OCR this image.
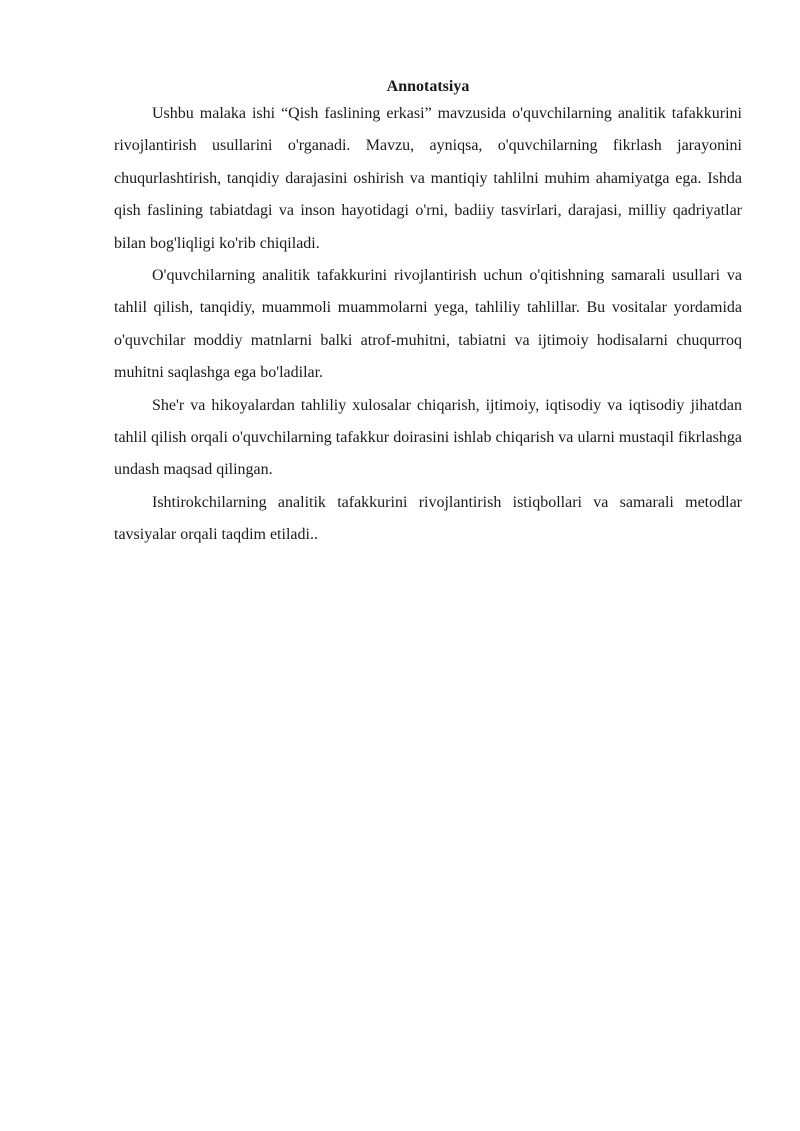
Annotatsiya

Ushbu malaka ishi “Qish faslining erkasi” mavzusida o'quvchilarning analitik tafakkurini rivojlantirish usullarini o'rganadi. Mavzu, ayniqsa, o'quvchilarning fikrlash jarayonini chuqurlashtirish, tanqidiy darajasini oshirish va mantiqiy tahlilni muhim ahamiyatga ega. Ishda qish faslining tabiatdagi va inson hayotidagi o'rni, badiiy tasvirlari, darajasi, milliy qadriyatlar bilan bog'liqligi ko'rib chiqiladi.

O'quvchilarning analitik tafakkurini rivojlantirish uchun o'qitishning samarali usullari va tahlil qilish, tanqidiy, muammoli muammolarni yega, tahliliy tahlillar. Bu vositalar yordamida o'quvchilar moddiy matnlarni balki atrof-muhitni, tabiatni va ijtimoiy hodisalarni chuqurroq muhitni saqlashga ega bo'ladilar.

She'r va hikoyalardan tahliliy xulosalar chiqarish, ijtimoiy, iqtisodiy va iqtisodiy jihatdan tahlil qilish orqali o'quvchilarning tafakkur doirasini ishlab chiqarish va ularni mustaqil fikrlashga undash maqsad qilingan.

Ishtirokchilarning analitik tafakkurini rivojlantirish istiqbollari va samarali metodlar tavsiyalar orqali taqdim etiladi..
